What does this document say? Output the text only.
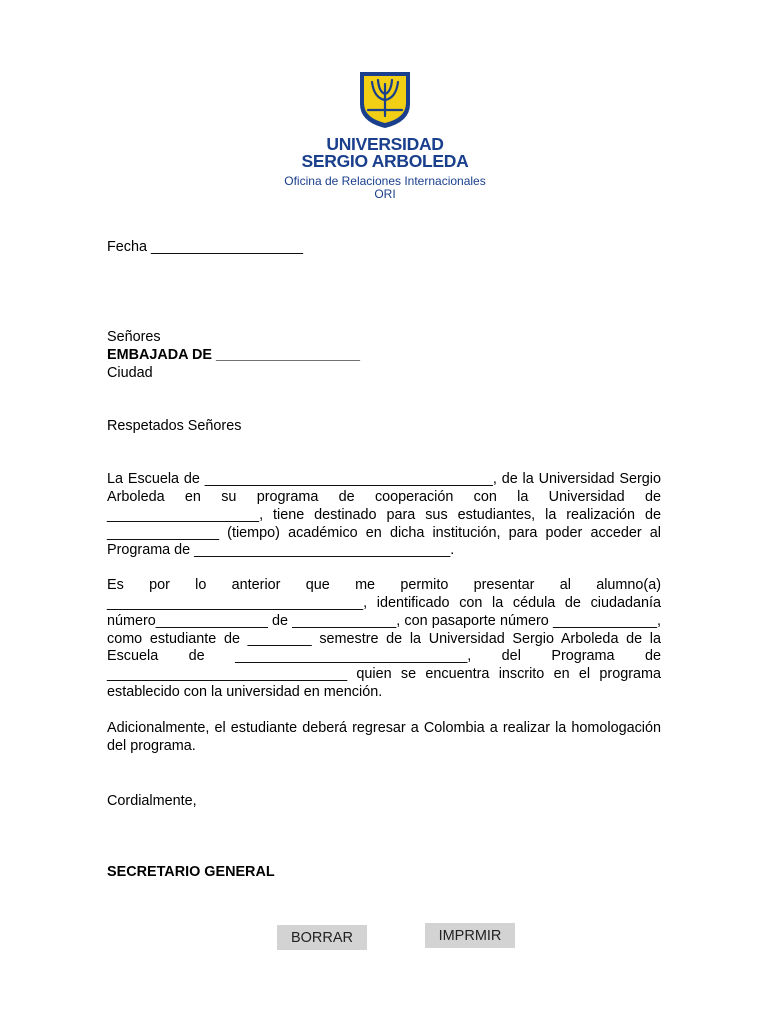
UNIVERSIDAD
SERGIO ARBOLEDA
Oficina de Relaciones Internacionales
ORI
Fecha ___________________
Señores
EMBAJADA DE __________________
Ciudad
Respetados Señores

La Escuela de ____________________________________, de la Universidad Sergio Arboleda en su programa de cooperación con la Universidad de ___________________, tiene destinado para sus estudiantes, la realización de ______________ (tiempo) académico en dicha institución, para poder acceder al Programa de ________________________________.

Es por lo anterior que me permito presentar al alumno(a) ________________________________, identificado con la cédula de ciudadanía número______________ de _____________, con pasaporte número _____________, como estudiante de ________ semestre de la Universidad Sergio Arboleda de la Escuela de _____________________________, del Programa de ______________________________ quien se encuentra inscrito en el programa establecido con la universidad en mención.

Adicionalmente, el estudiante deberá regresar a Colombia a realizar la homologación del programa.

Cordialmente,
SECRETARIO GENERAL
BORRAR	IMPRMIR
